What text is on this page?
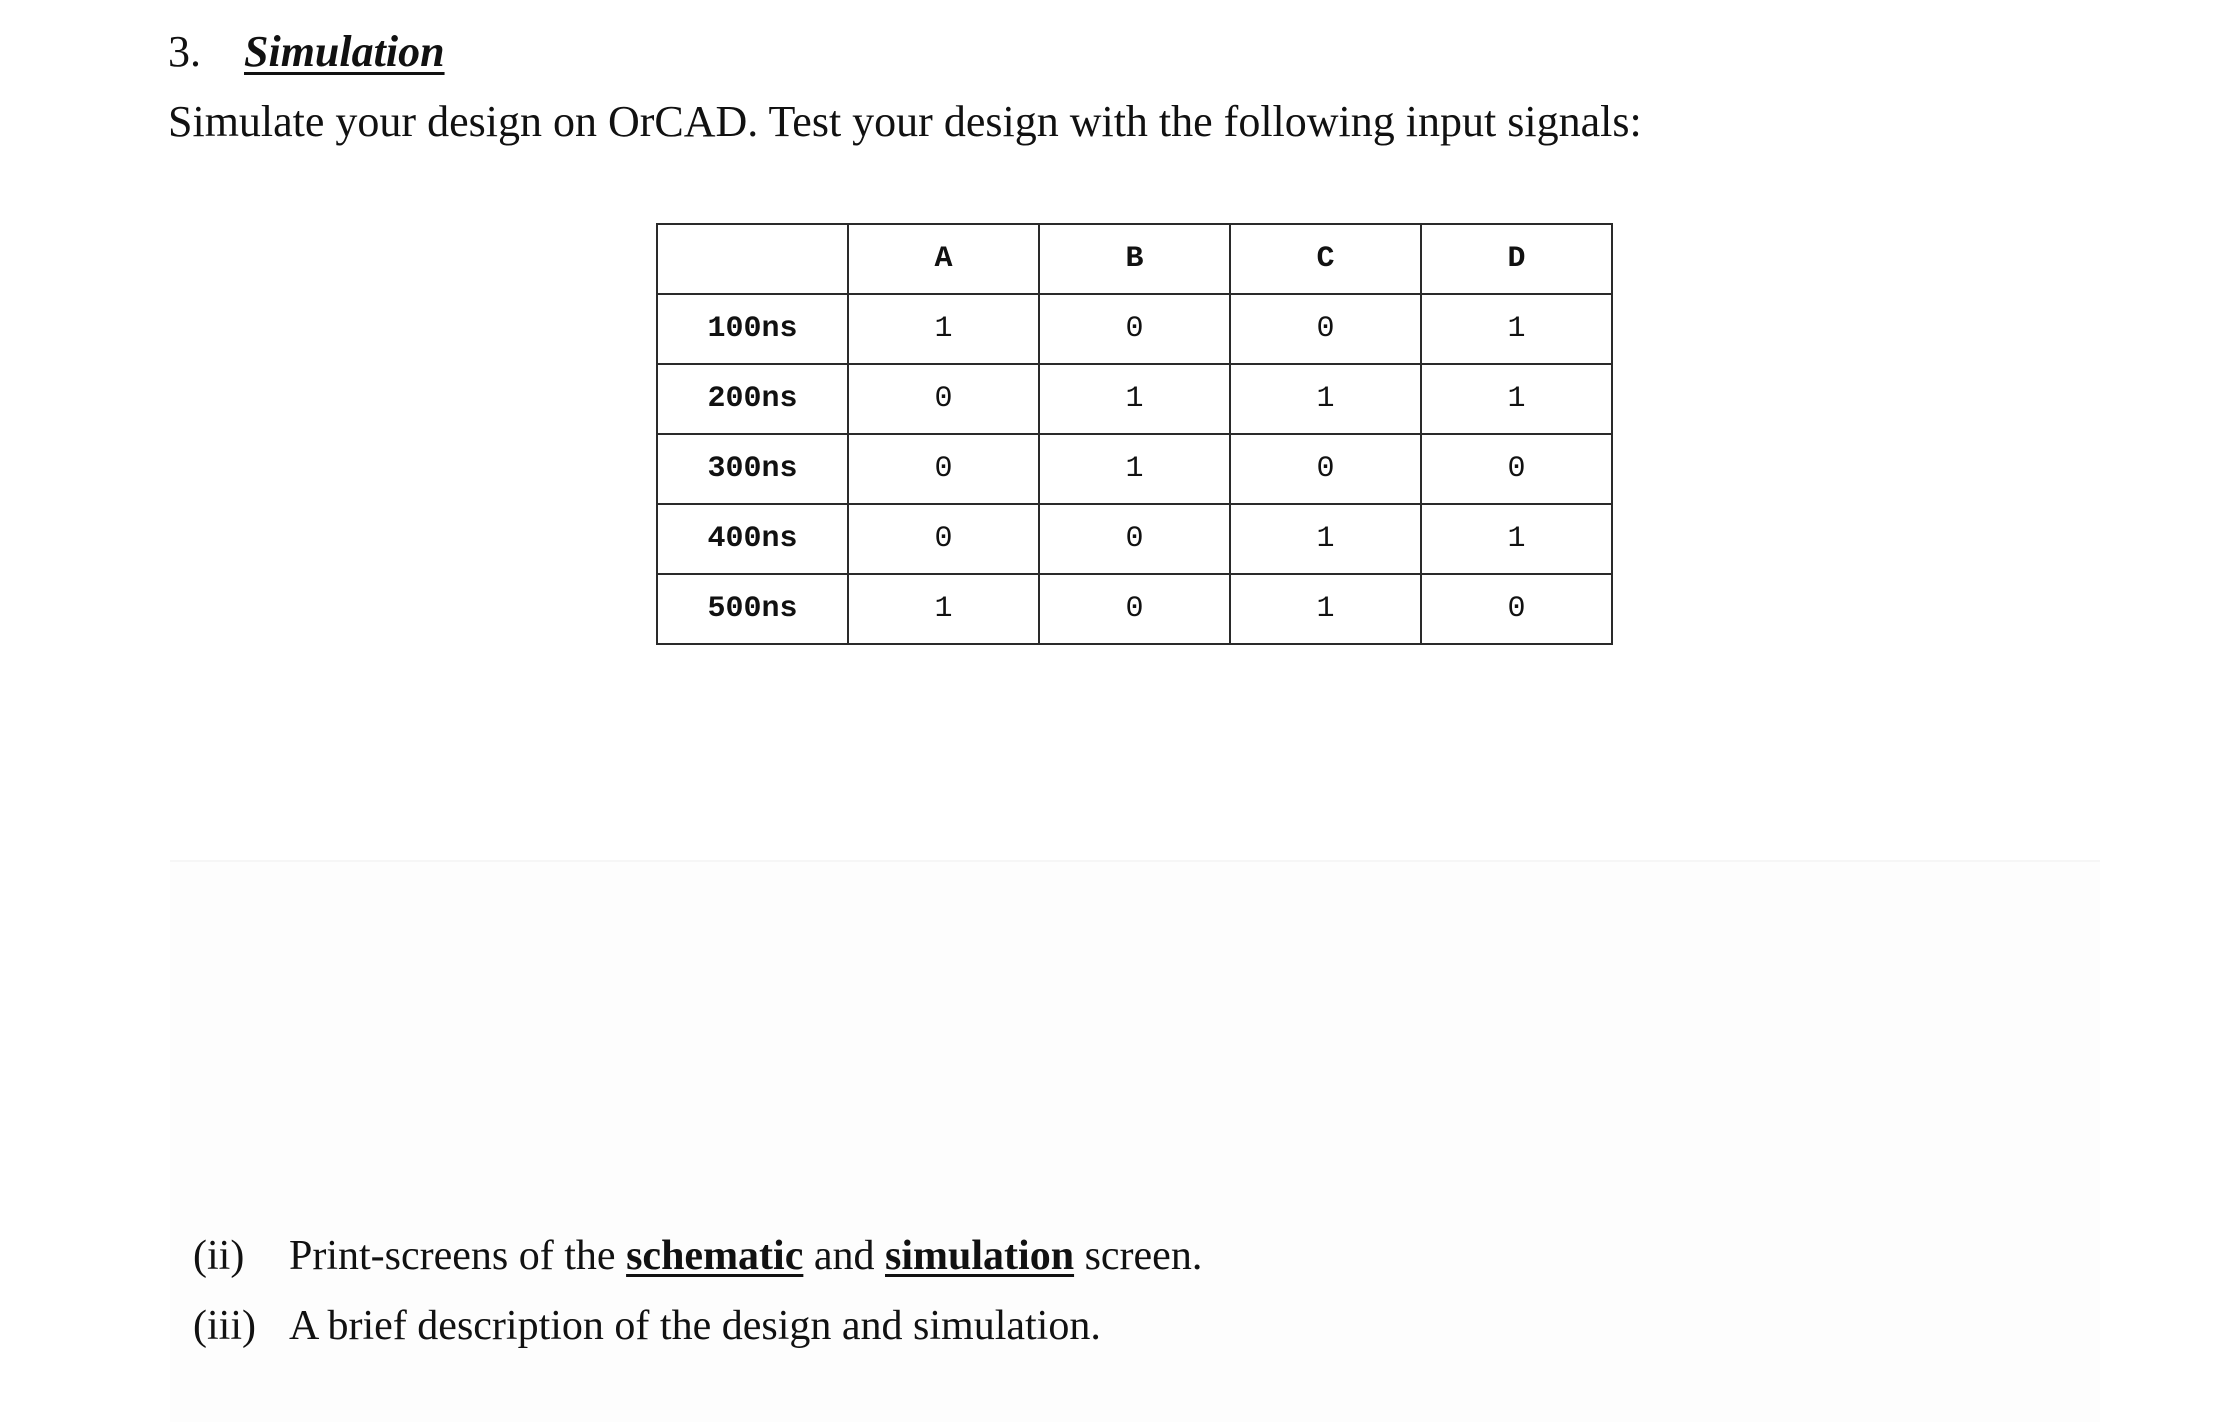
3. Simulation
Simulate your design on OrCAD. Test your design with the following input signals:
	A	B	C	D
100ns	1	0	0	1
200ns	0	1	1	1
300ns	0	1	0	0
400ns	0	0	1	1
500ns	1	0	1	0
(ii) Print-screens of the schematic and simulation screen.
(iii) A brief description of the design and simulation.
